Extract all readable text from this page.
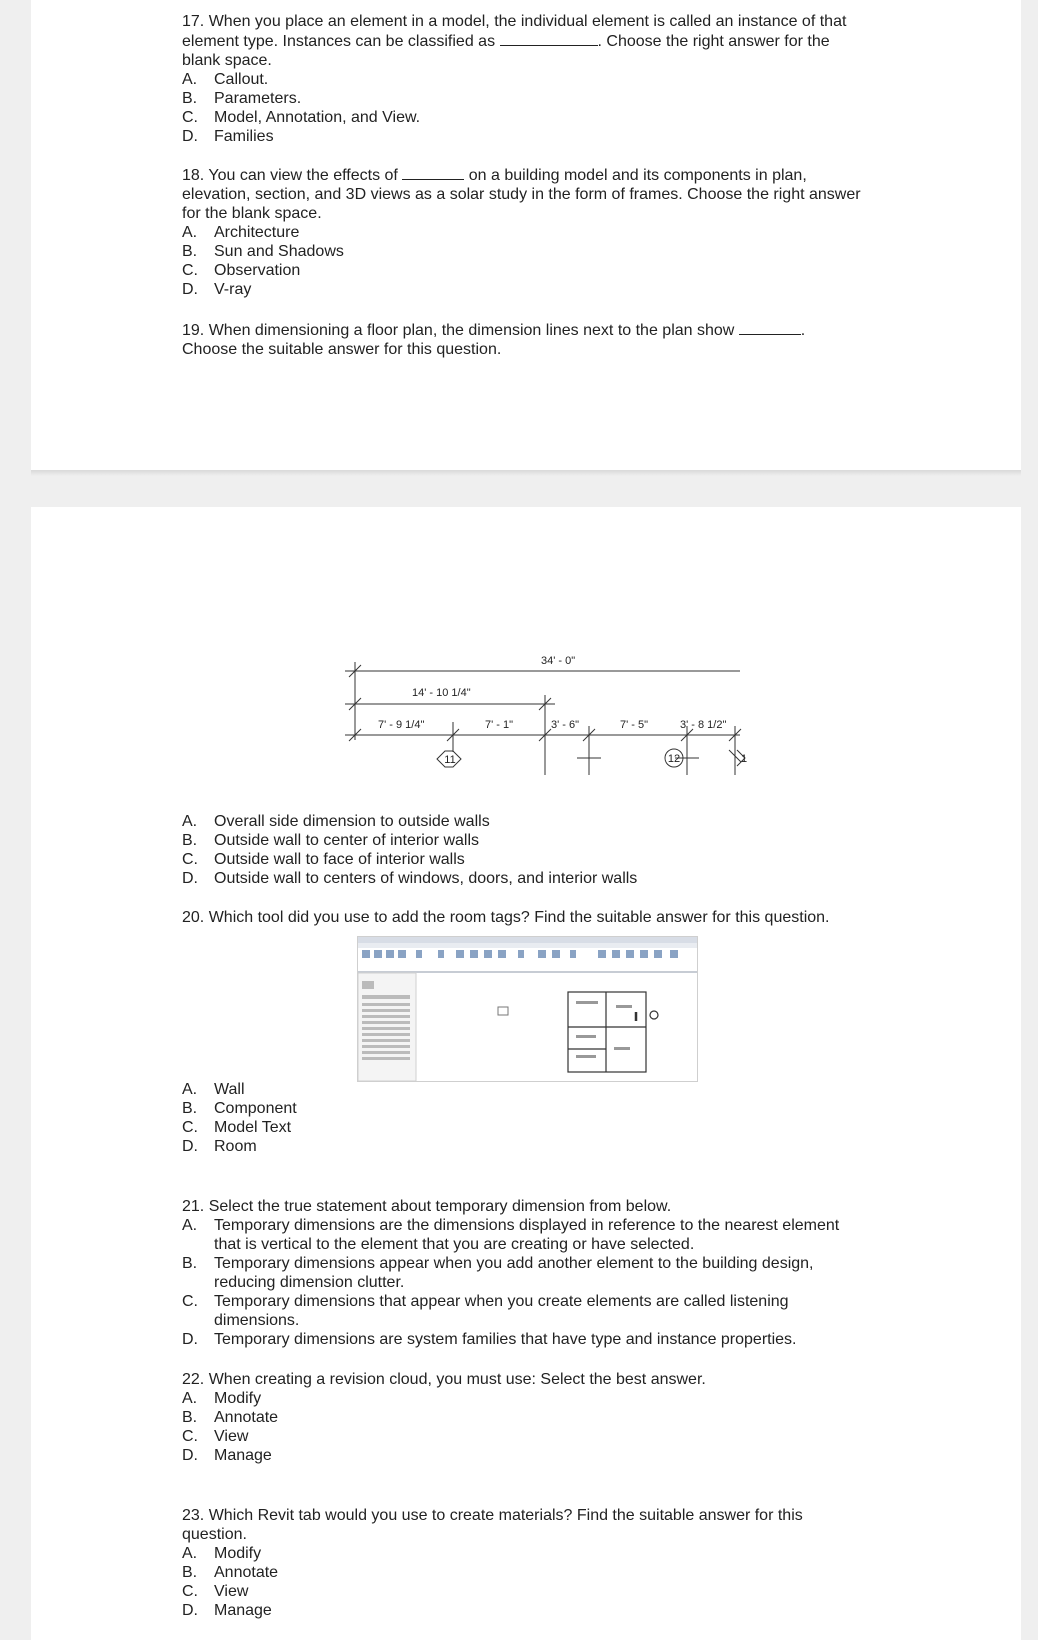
17. When you place an element in a model, the individual element is called an instance of that element type. Instances can be classified as	. Choose the right answer for the blank space.

A.	Callout.
B.	Parameters.
C.	Model, Annotation, and View.
D.	Families

18. You can view the effects of	on a building model and its components in plan, elevation, section, and 3D views as a solar study in the form of frames. Choose the right answer for the blank space.

A.	Architecture
B.	Sun and Shadows
C.	Observation
D.	V-ray

19. When dimensioning a floor plan, the dimension lines next to the plan show	. Choose the suitable answer for this question.

34' - 0"
14' - 10 1/4"
7' - 9 1/4"	7' - 1"	3' - 6"	7' - 5"	3' - 8 1/2"
11	12	1
A.	Overall side dimension to outside walls
B.	Outside wall to center of interior walls
C.	Outside wall to face of interior walls
D.	Outside wall to centers of windows, doors, and interior walls

20. Which tool did you use to add the room tags? Find the suitable answer for this question.

A.	Wall
B.	Component
C.	Model Text
D.	Room

21. Select the true statement about temporary dimension from below.

A.	Temporary dimensions are the dimensions displayed in reference to the nearest element that is vertical to the element that you are creating or have selected.
B.	Temporary dimensions appear when you add another element to the building design, reducing dimension clutter.
C.	Temporary dimensions that appear when you create elements are called listening dimensions.
D.	Temporary dimensions are system families that have type and instance properties.

22. When creating a revision cloud, you must use: Select the best answer.

A.	Modify
B.	Annotate
C.	View
D.	Manage

23. Which Revit tab would you use to create materials? Find the suitable answer for this question.

A.	Modify
B.	Annotate
C.	View
D.	Manage
